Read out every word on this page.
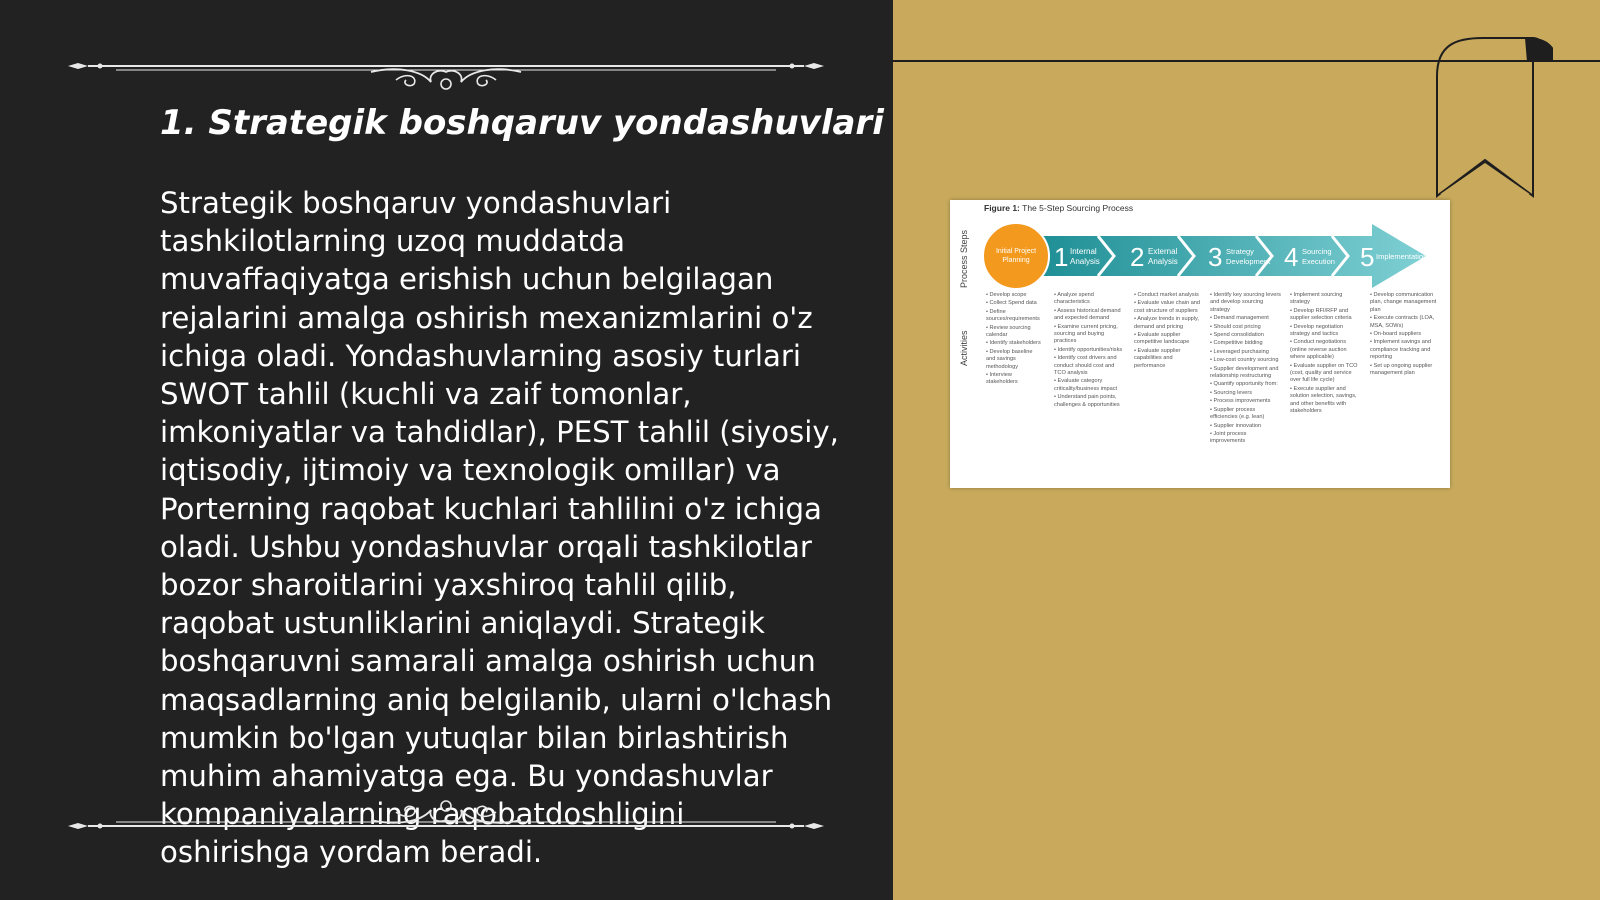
1. Strategik boshqaruv yondashuvlari

Strategik boshqaruv yondashuvlari tashkilotlarning uzoq muddatda muvaffaqiyatga erishish uchun belgilagan rejalarini amalga oshirish mexanizmlarini o'z ichiga oladi. Yondashuvlarning asosiy turlari SWOT tahlil (kuchli va zaif tomonlar, imkoniyatlar va tahdidlar), PEST tahlil (siyosiy, iqtisodiy, ijtimoiy va texnologik omillar) va Porterning raqobat kuchlari tahlilini o'z ichiga oladi. Ushbu yondashuvlar orqali tashkilotlar bozor sharoitlarini yaxshiroq tahlil qilib, raqobat ustunliklarini aniqlaydi. Strategik boshqaruvni samarali amalga oshirish uchun maqsadlarning aniq belgilanib, ularni o'lchash mumkin bo'lgan yutuqlar bilan birlashtirish muhim ahamiyatga ega. Bu yondashuvlar kompaniyalarning raqobatdoshligini oshirishga yordam beradi.

Figure 1: The 5-Step Sourcing Process

Process Steps
Activities
Initial Project
Planning 1 Internal
Analysis 2 External
Analysis 3 Strategy
Development 4 Sourcing
Execution 5 Implementation
• Develop scope
• Collect Spend data
• Define sources/requirements
• Review sourcing calendar
• Identify stakeholders
• Develop baseline and savings methodology
• Interview stakeholders
• Analyze spend characteristics
• Assess historical demand and expected demand
• Examine current pricing, sourcing and buying practices
• Identify opportunities/risks
• Identify cost drivers and conduct should cost and TCO analysis
• Evaluate category criticality/business impact
• Understand pain points, challenges & opportunities
• Conduct market analysis
• Evaluate value chain and cost structure of suppliers
• Analyze trends in supply, demand and pricing
• Evaluate supplier competitive landscape
• Evaluate supplier capabilities and performance
• Identify key sourcing levers and develop sourcing strategy
• Demand management
• Should cost pricing
• Spend consolidation
• Competitive bidding
• Leveraged purchasing
• Low-cost country sourcing
• Supplier development and relationship restructuring
• Quantify opportunity from:
• Sourcing levers
• Process improvements
• Supplier process efficiencies (e.g. lean)
• Supplier innovation
• Joint process improvements
• Implement sourcing strategy
• Develop RFI/RFP and supplier selection criteria
• Develop negotiation strategy and tactics
• Conduct negotiations (online reverse auction where applicable)
• Evaluate supplier on TCO (cost, quality and service over full life cycle)
• Execute supplier and solution selection, savings, and other benefits with stakeholders
• Develop communication plan, change management plan
• Execute contracts (LOA, MSA, SOWs)
• On-board suppliers
• Implement savings and compliance tracking and reporting
• Set up ongoing supplier management plan
